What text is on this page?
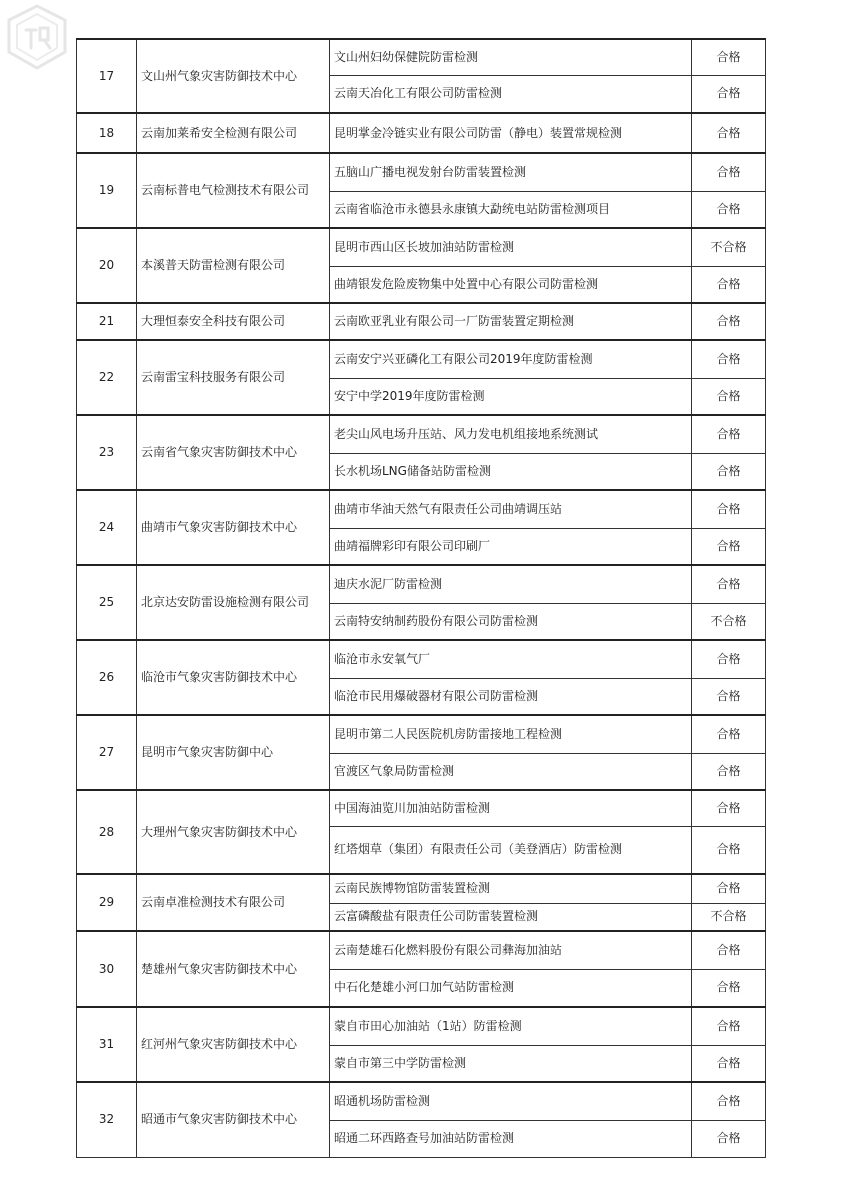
17	文山州气象灾害防御技术中心	文山州妇幼保健院防雷检测	合格
		云南天冶化工有限公司防雷检测	合格
18	云南加莱希安全检测有限公司	昆明掌金冷链实业有限公司防雷（静电）装置常规检测	合格
19	云南标普电气检测技术有限公司	五脑山广播电视发射台防雷装置检测	合格
		云南省临沧市永德县永康镇大勐统电站防雷检测项目	合格
20	本溪普天防雷检测有限公司	昆明市西山区长坡加油站防雷检测	不合格
		曲靖银发危险废物集中处置中心有限公司防雷检测	合格
21	大理恒泰安全科技有限公司	云南欧亚乳业有限公司一厂防雷装置定期检测	合格
22	云南雷宝科技服务有限公司	云南安宁兴亚磷化工有限公司2019年度防雷检测	合格
		安宁中学2019年度防雷检测	合格
23	云南省气象灾害防御技术中心	老尖山风电场升压站、风力发电机组接地系统测试	合格
		长水机场LNG储备站防雷检测	合格
24	曲靖市气象灾害防御技术中心	曲靖市华油天然气有限责任公司曲靖调压站	合格
		曲靖福牌彩印有限公司印刷厂	合格
25	北京达安防雷设施检测有限公司	迪庆水泥厂防雷检测	合格
		云南特安纳制药股份有限公司防雷检测	不合格
26	临沧市气象灾害防御技术中心	临沧市永安氧气厂	合格
		临沧市民用爆破器材有限公司防雷检测	合格
27	昆明市气象灾害防御中心	昆明市第二人民医院机房防雷接地工程检测	合格
		官渡区气象局防雷检测	合格
28	大理州气象灾害防御技术中心	中国海油览川加油站防雷检测	合格
		红塔烟草（集团）有限责任公司（美登酒店）防雷检测	合格
29	云南卓准检测技术有限公司	云南民族博物馆防雷装置检测	合格
		云富磷酸盐有限责任公司防雷装置检测	不合格
30	楚雄州气象灾害防御技术中心	云南楚雄石化燃料股份有限公司彝海加油站	合格
		中石化楚雄小河口加气站防雷检测	合格
31	红河州气象灾害防御技术中心	蒙自市田心加油站（1站）防雷检测	合格
		蒙自市第三中学防雷检测	合格
32	昭通市气象灾害防御技术中心	昭通机场防雷检测	合格
		昭通二环西路查号加油站防雷检测	合格
